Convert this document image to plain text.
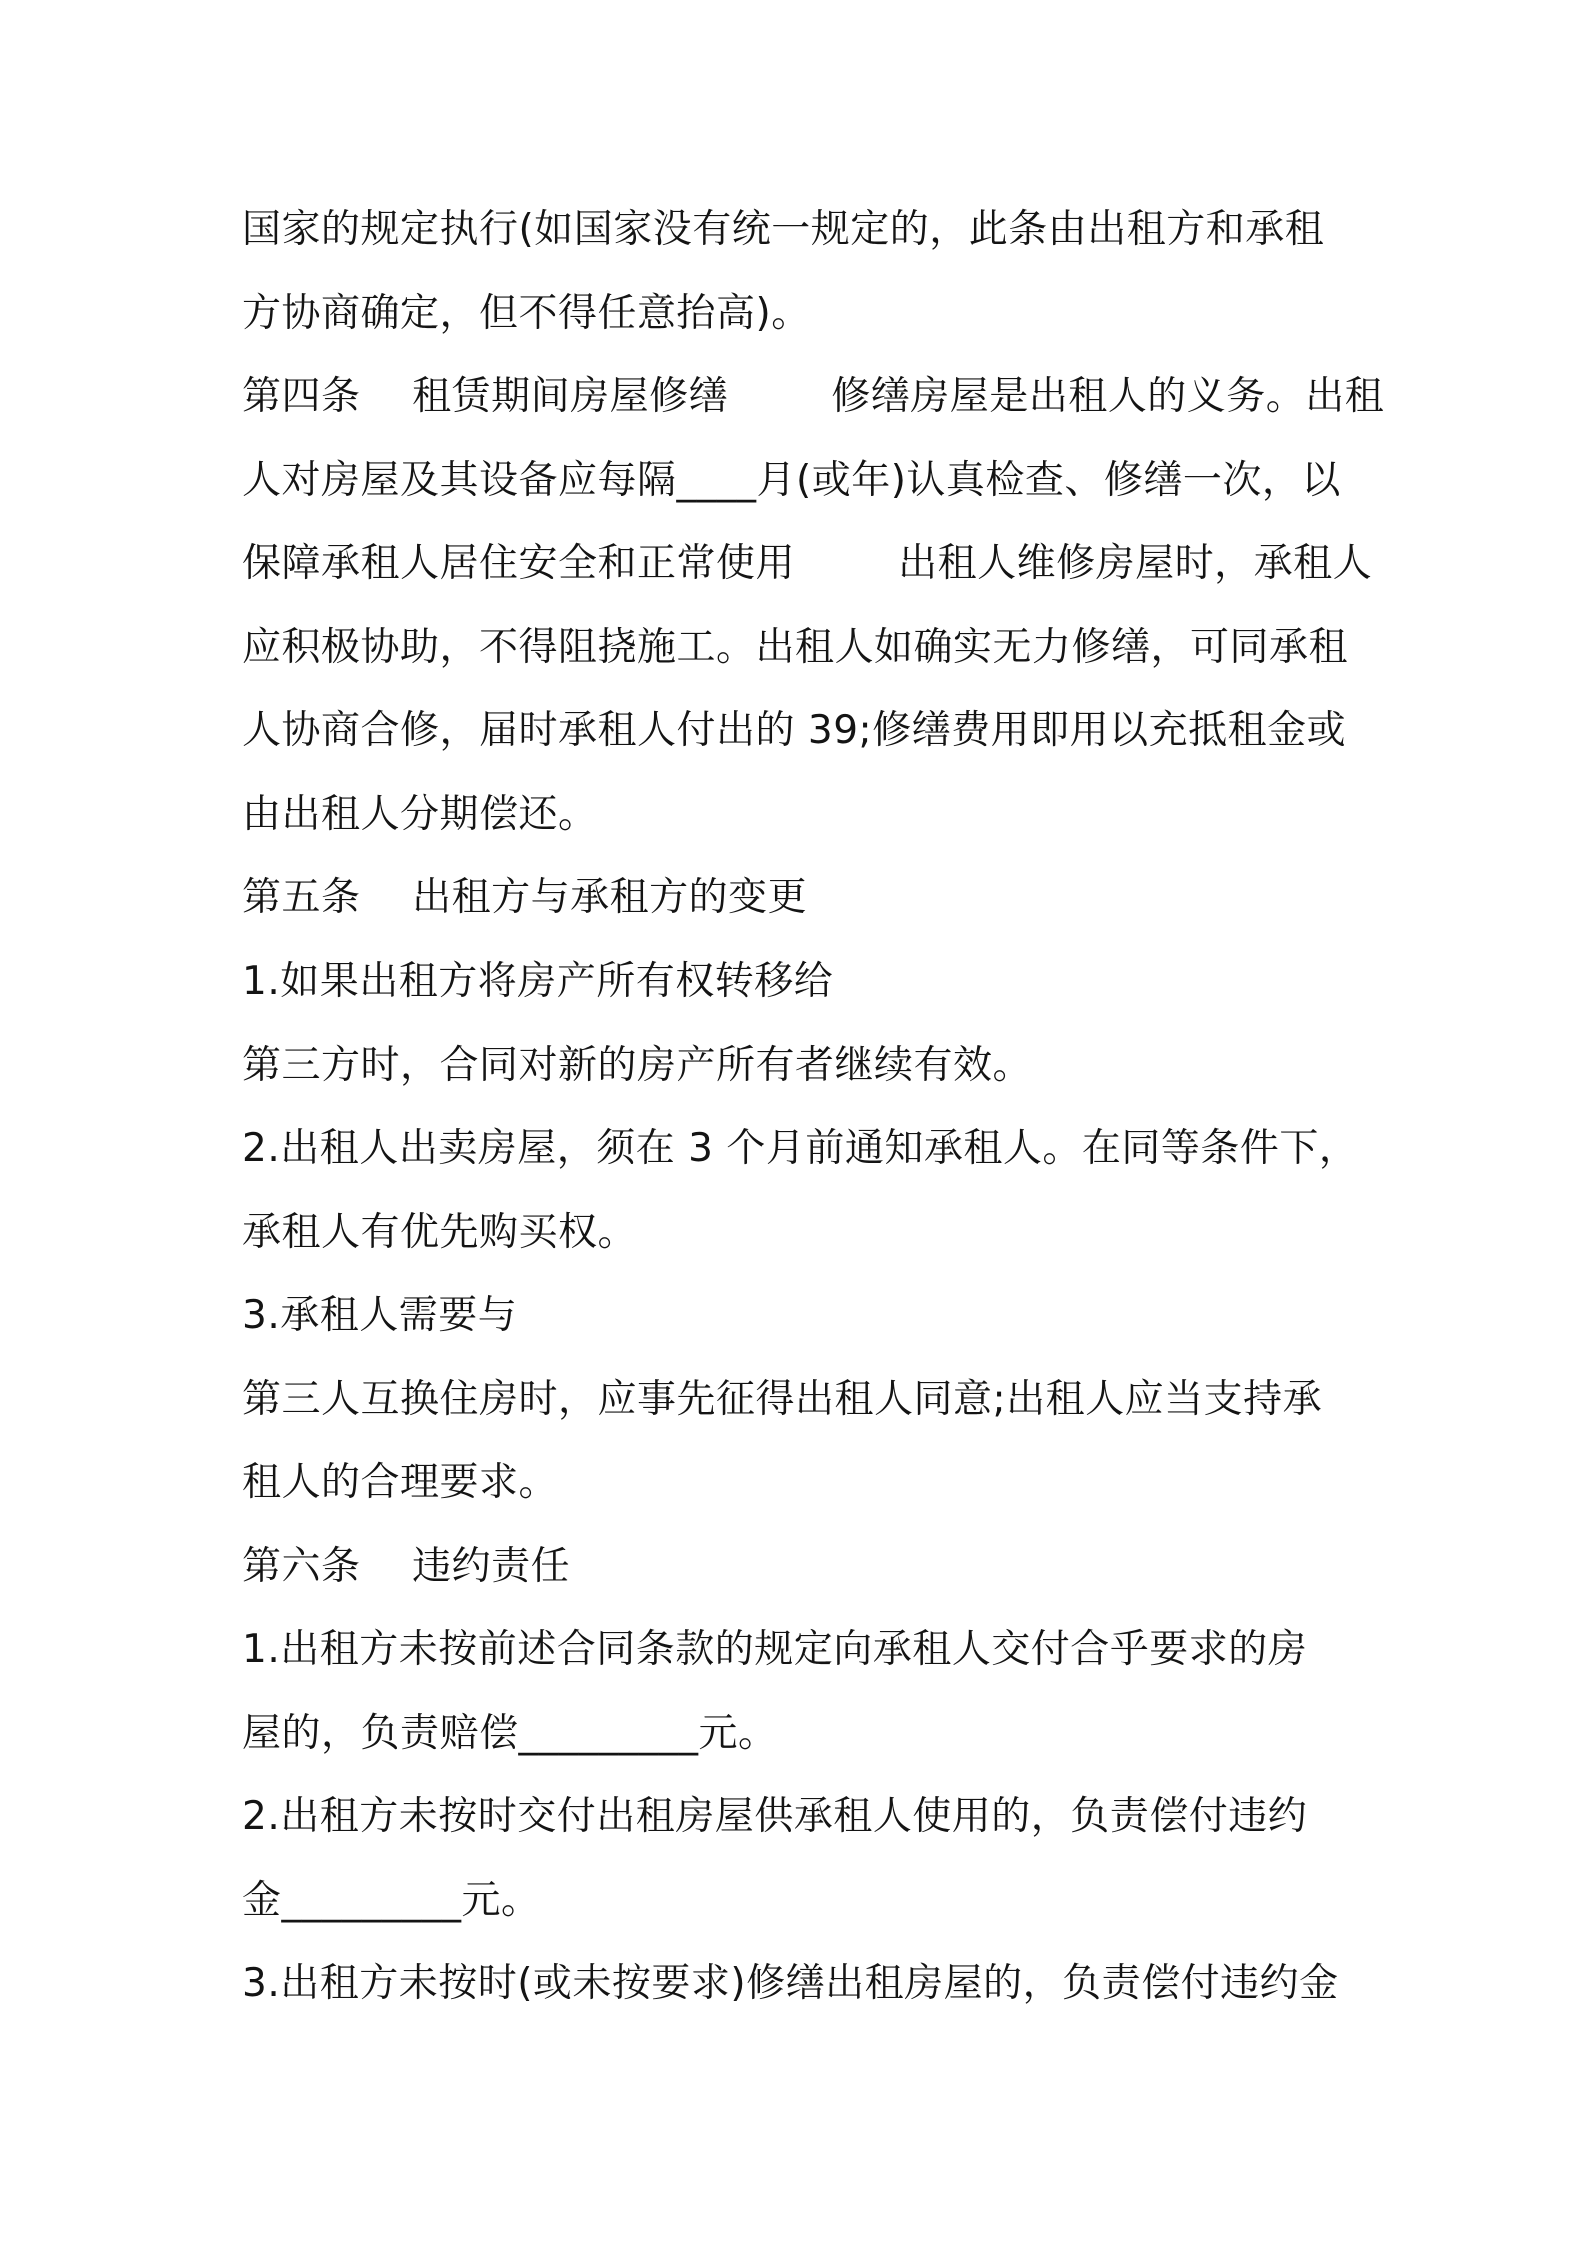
国家的规定执行(如国家没有统一规定的，此条由出租方和承租
方协商确定，但不得任意抬高)。
第四条    租赁期间房屋修缮        修缮房屋是出租人的义务。出租
人对房屋及其设备应每隔____月(或年)认真检查、修缮一次，以
保障承租人居住安全和正常使用        出租人维修房屋时，承租人
应积极协助，不得阻挠施工。出租人如确实无力修缮，可同承租
人协商合修，届时承租人付出的 39;修缮费用即用以充抵租金或
由出租人分期偿还。
第五条    出租方与承租方的变更
1.如果出租方将房产所有权转移给
第三方时，合同对新的房产所有者继续有效。
2.出租人出卖房屋，须在 3 个月前通知承租人。在同等条件下，
承租人有优先购买权。
3.承租人需要与
第三人互换住房时，应事先征得出租人同意;出租人应当支持承
租人的合理要求。
第六条    违约责任
1.出租方未按前述合同条款的规定向承租人交付合乎要求的房
屋的，负责赔偿_________元。
2.出租方未按时交付出租房屋供承租人使用的，负责偿付违约
金_________元。
3.出租方未按时(或未按要求)修缮出租房屋的，负责偿付违约金
